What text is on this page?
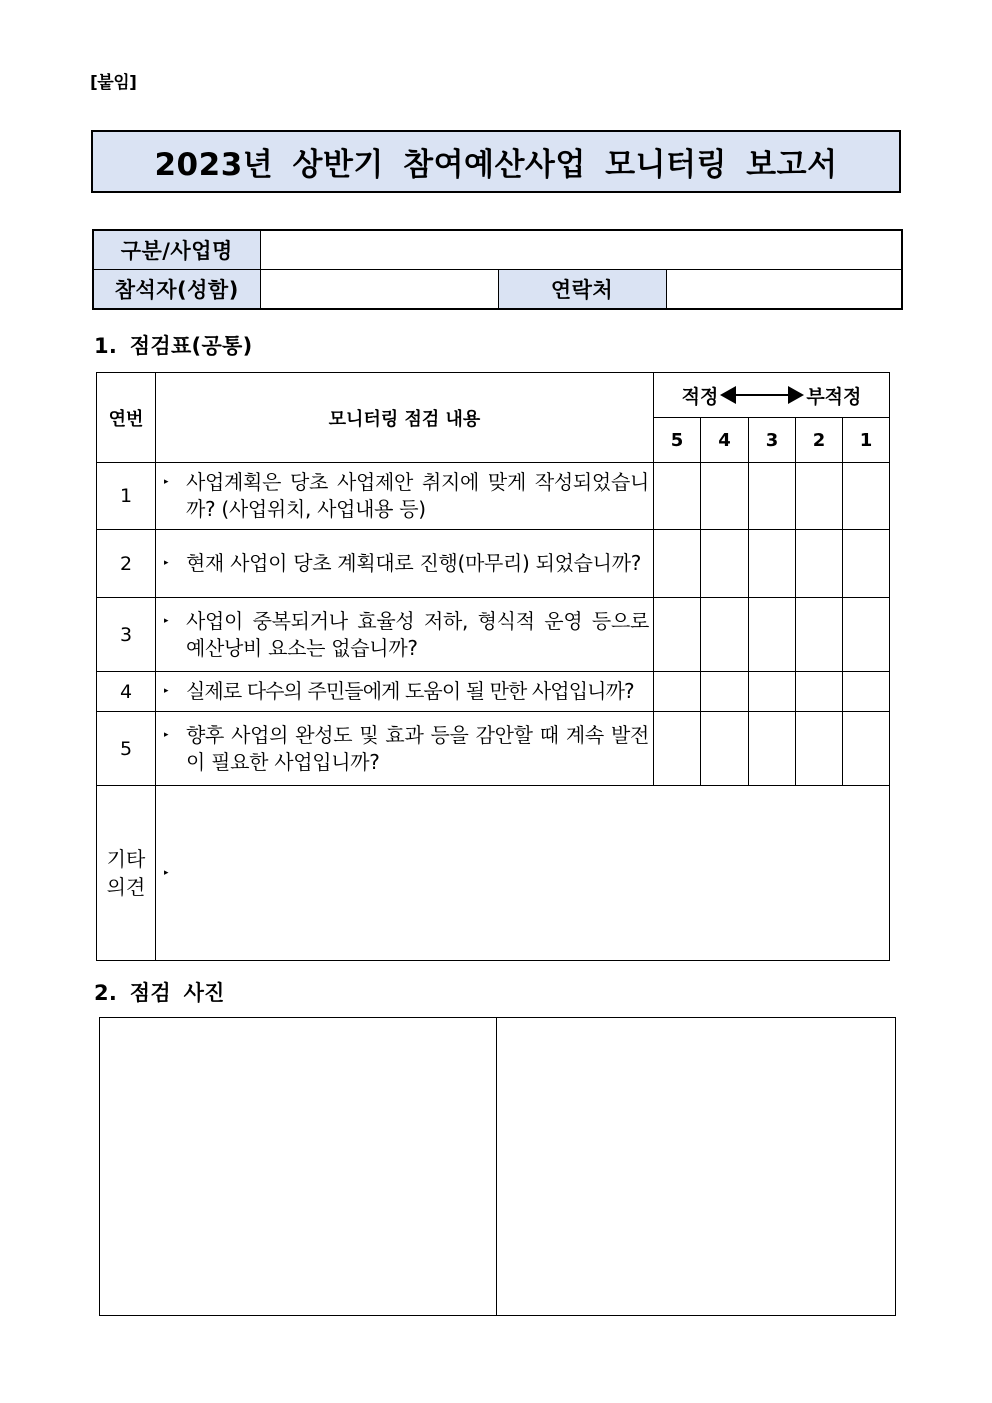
[붙임]
2023년 상반기 참여예산사업 모니터링 보고서
구분/사업명			
참석자(성함)		연락처	
1. 점검표(공통)
연번	모니터링 점검 내용	적정 부적정				

		5	4	3	2	1
1	▸ 사업계획은 당초 사업제안 취지에 맞게 작성되었습니까? (사업위치, 사업내용 등)					

2	▸ 현재 사업이 당초 계획대로 진행(마무리) 되었습니까?					

3	▸ 사업이 중복되거나 효율성 저하, 형식적 운영 등으로 예산낭비 요소는 없습니까?					

4	▸ 실제로 다수의 주민들에게 도움이 될 만한 사업입니까?					

5	▸ 향후 사업의 완성도 및 효과 등을 감안할 때 계속 발전이 필요한 사업입니까?					

기타
의견	▸					
2. 점검 사진
